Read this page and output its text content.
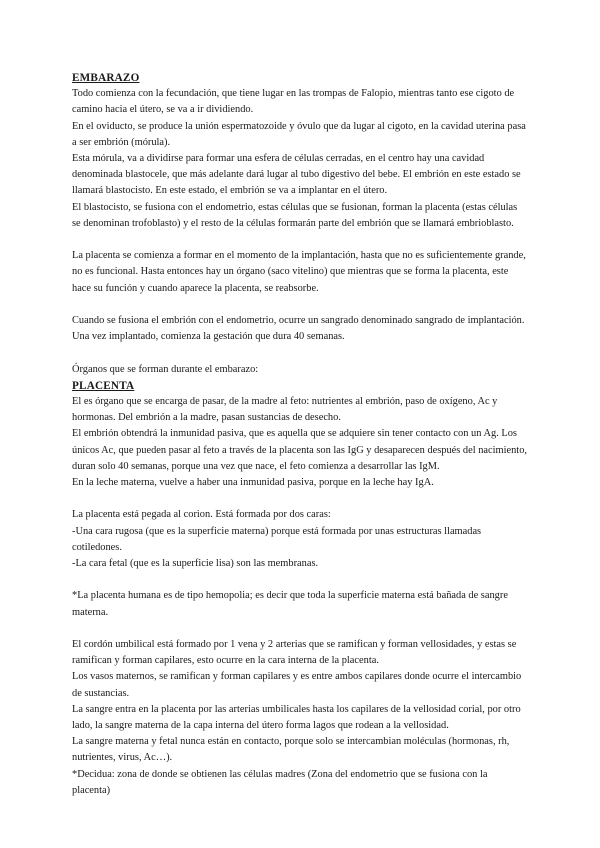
EMBARAZO

Todo comienza con la fecundación, que tiene lugar en las trompas de Falopio, mientras tanto ese cigoto de camino hacia el útero, se va a ir dividiendo.

En el oviducto, se produce la unión espermatozoide y óvulo que da lugar al cigoto, en la cavidad uterina pasa a ser embrión (mórula).

Esta mórula, va a dividirse para formar una esfera de células cerradas, en el centro hay una cavidad denominada blastocele, que más adelante dará lugar al tubo digestivo del bebe. El embrión en este estado se llamará blastocisto. En este estado, el embrión se va a implantar en el útero.

El blastocisto, se fusiona con el endometrio, estas células que se fusionan, forman la placenta (estas células se denominan trofoblasto) y el resto de la células formarán parte del embrión que se llamará embrioblasto.

La placenta se comienza a formar en el momento de la implantación, hasta que no es suficientemente grande, no es funcional. Hasta entonces hay un órgano (saco vitelino) que mientras que se forma la placenta, este hace su función y cuando aparece la placenta, se reabsorbe.

Cuando se fusiona el embrión con el endometrio, ocurre un sangrado denominado sangrado de implantación. Una vez implantado, comienza la gestación que dura 40 semanas.

Órganos que se forman durante el embarazo:

PLACENTA

El es órgano que se encarga de pasar, de la madre al feto: nutrientes al embrión, paso de oxígeno, Ac y hormonas. Del embrión a la madre, pasan sustancias de desecho.

El embrión obtendrá la inmunidad pasiva, que es aquella que se adquiere sin tener contacto con un Ag. Los únicos Ac, que pueden pasar al feto a través de la placenta son las IgG y desaparecen después del nacimiento, duran solo 40 semanas, porque una vez que nace, el feto comienza a desarrollar las IgM.

En la leche materna, vuelve a haber una inmunidad pasiva, porque en la leche hay IgA.

La placenta está pegada al corion. Está formada por dos caras:

-Una cara rugosa (que es la superficie materna) porque está formada por unas estructuras llamadas cotiledones.

-La cara fetal (que es la superficie lisa) son las membranas.

*La placenta humana es de tipo hemopolia; es decir que toda la superficie materna está bañada de sangre materna.

El cordón umbilical está formado por 1 vena y 2 arterias que se ramifican y forman vellosidades, y estas se ramifican y forman capilares, esto ocurre en la cara interna de la placenta.

Los vasos maternos, se ramifican y forman capilares y es entre ambos capilares donde ocurre el intercambio de sustancias.

La sangre entra en la placenta por las arterias umbilicales hasta los capilares de la vellosidad corial, por otro lado, la sangre materna de la capa interna del útero forma lagos que rodean a la vellosidad.

La sangre materna y fetal nunca están en contacto, porque solo se intercambian moléculas (hormonas, rh, nutrientes, virus, Ac…).

*Decidua: zona de donde se obtienen las células madres (Zona del endometrio que se fusiona con la placenta)
